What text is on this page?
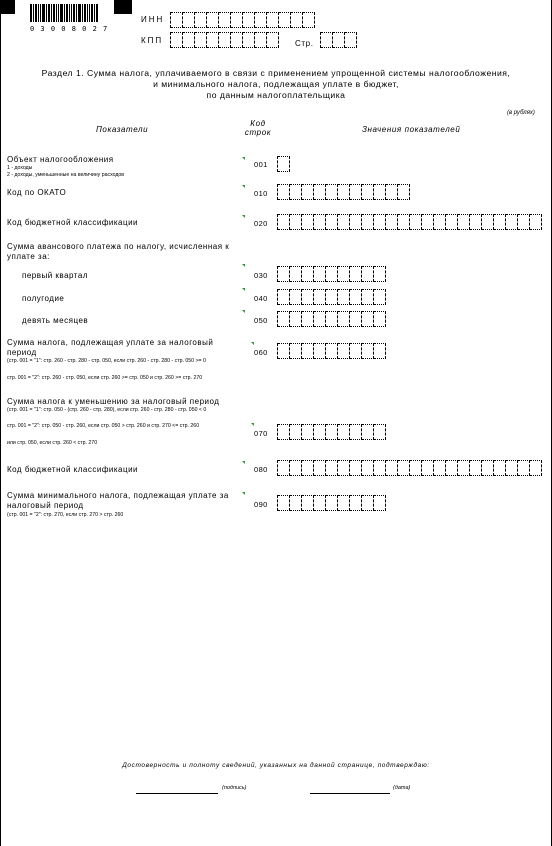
0 3 0 0 8 0 2 7
ИНН
КПП	Стр.
Раздел 1. Сумма налога, уплачиваемого в связи с применением упрощенной системы налогообложения,
и минимального налога, подлежащая уплате в бюджет,
по данным налогоплательщика
(в рублях)
Показатели
Код
строк	Значения показателей
Объект налогообложения
1 - доходы
2 - доходы, уменьшенные на величину расходов
001
Код по ОКАТО	010
Код бюджетной классификации	020
Сумма авансового платежа по налогу, исчисленная к уплате за:
первый квартал	030
полугодие	040
девять месяцев	050
Сумма налога, подлежащая уплате за налоговый период
(стр. 001 = "1": стр. 260 - стр. 280 - стр. 050, если стр. 260 - стр. 280 - стр. 050 >= 0
стр. 001 = "2": стр. 260 - стр. 050, если стр. 260 >= стр. 050 и стр. 260 >= стр. 270
060
Сумма налога к уменьшению за налоговый период
(стр. 001 = "1": стр. 050 - (стр. 260 - стр. 280), если стр. 260 - стр. 280 - стр. 050 < 0
стр. 001 = "2": стр. 050 - стр. 260, если стр. 050 > стр. 260 и стр. 270 <= стр. 260
или стр. 050, если стр. 260 < стр. 270
070
Код бюджетной классификации	080
Сумма минимального налога, подлежащая уплате за налоговый период
(стр. 001 = "2": стр. 270, если стр. 270 > стр. 260
090
Достоверность и полноту сведений, указанных на данной странице, подтверждаю:
(подпись)	(дата)
